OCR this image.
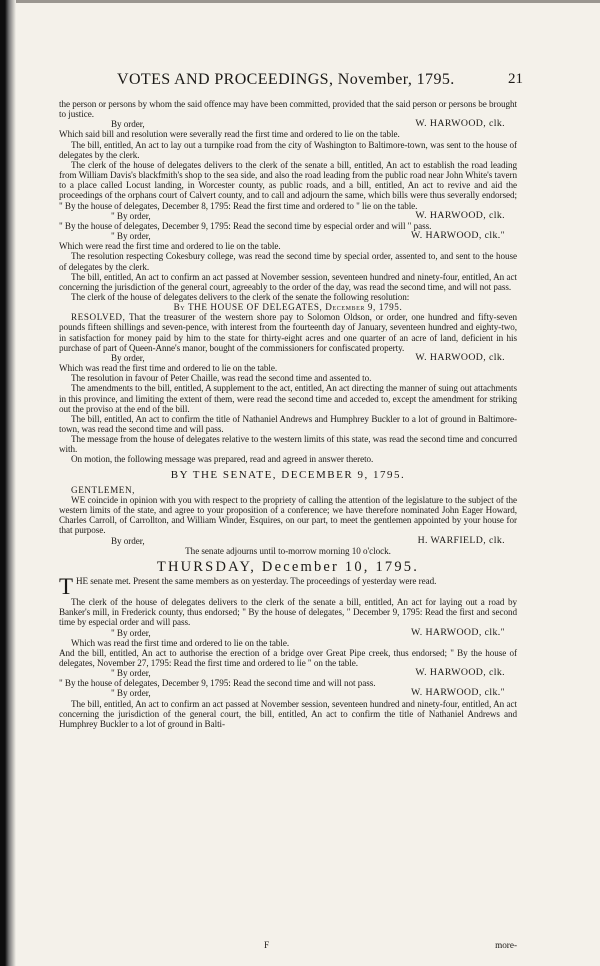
VOTES AND PROCEEDINGS, November, 1795.	21

the person or persons by whom the said offence may have been committed, provided that the said person or persons be brought to justice.

By order,	W. HARWOOD, clk.

Which said bill and resolution were severally read the first time and ordered to lie on the table.

The bill, entitled, An act to lay out a turnpike road from the city of Washington to Baltimore-town, was sent to the house of delegates by the clerk.

The clerk of the house of delegates delivers to the clerk of the senate a bill, entitled, An act to establish the road leading from William Davis's blackfmith's shop to the sea side, and also the road leading from the public road near John White's tavern to a place called Locust landing, in Worcester county, as public roads, and a bill, entitled, An act to revive and aid the proceedings of the orphans court of Calvert county, and to call and adjourn the same, which bills were thus severally endorsed; " By the house of delegates, December 8, 1795: Read the first time and ordered to " lie on the table.

" By order,	W. HARWOOD, clk.

" By the house of delegates, December 9, 1795: Read the second time by especial order and will " pass.

" By order,	W. HARWOOD, clk."

Which were read the first time and ordered to lie on the table.

The resolution respecting Cokesbury college, was read the second time by special order, assented to, and sent to the house of delegates by the clerk.

The bill, entitled, An act to confirm an act passed at November session, seventeen hundred and ninety-four, entitled, An act concerning the jurisdiction of the general court, agreeably to the order of the day, was read the second time, and will not pass.

The clerk of the house of delegates delivers to the clerk of the senate the following resolution:

By THE HOUSE OF DELEGATES, December 9, 1795.

RESOLVED, That the treasurer of the western shore pay to Solomon Oldson, or order, one hundred and fifty-seven pounds fifteen shillings and seven-pence, with interest from the fourteenth day of January, seventeen hundred and eighty-two, in satisfaction for money paid by him to the state for thirty-eight acres and one quarter of an acre of land, deficient in his purchase of part of Queen-Anne's manor, bought of the commissioners for confiscated property.

By order,	W. HARWOOD, clk.

Which was read the first time and ordered to lie on the table.

The resolution in favour of Peter Chaille, was read the second time and assented to.

The amendments to the bill, entitled, A supplement to the act, entitled, An act directing the manner of suing out attachments in this province, and limiting the extent of them, were read the second time and acceded to, except the amendment for striking out the proviso at the end of the bill.

The bill, entitled, An act to confirm the title of Nathaniel Andrews and Humphrey Buckler to a lot of ground in Baltimore-town, was read the second time and will pass.

The message from the house of delegates relative to the western limits of this state, was read the second time and concurred with.

On motion, the following message was prepared, read and agreed in answer thereto.

BY THE SENATE, DECEMBER 9, 1795.

GENTLEMEN,

WE coincide in opinion with you with respect to the propriety of calling the attention of the legislature to the subject of the western limits of the state, and agree to your proposition of a conference; we have therefore nominated John Eager Howard, Charles Carroll, of Carrollton, and William Winder, Esquires, on our part, to meet the gentlemen appointed by your house for that purpose.

By order,	H. WARFIELD, clk.

The senate adjourns until to-morrow morning 10 o'clock.

THURSDAY, December 10, 1795.

THE senate met. Present the same members as on yesterday. The proceedings of yesterday were read.

The clerk of the house of delegates delivers to the clerk of the senate a bill, entitled, An act for laying out a road by Banker's mill, in Frederick county, thus endorsed; " By the house of delegates, " December 9, 1795: Read the first and second time by especial order and will pass.

" By order,	W. HARWOOD, clk."

Which was read the first time and ordered to lie on the table.

And the bill, entitled, An act to authorise the erection of a bridge over Great Pipe creek, thus endorsed; " By the house of delegates, November 27, 1795: Read the first time and ordered to lie " on the table.

" By order,	W. HARWOOD, clk.

" By the house of delegates, December 9, 1795: Read the second time and will not pass.

" By order,	W. HARWOOD, clk."

The bill, entitled, An act to confirm an act passed at November session, seventeen hundred and ninety-four, entitled, An act concerning the jurisdiction of the general court, the bill, entitled, An act to confirm the title of Nathaniel Andrews and Humphrey Buckler to a lot of ground in Balti-

F	more-
